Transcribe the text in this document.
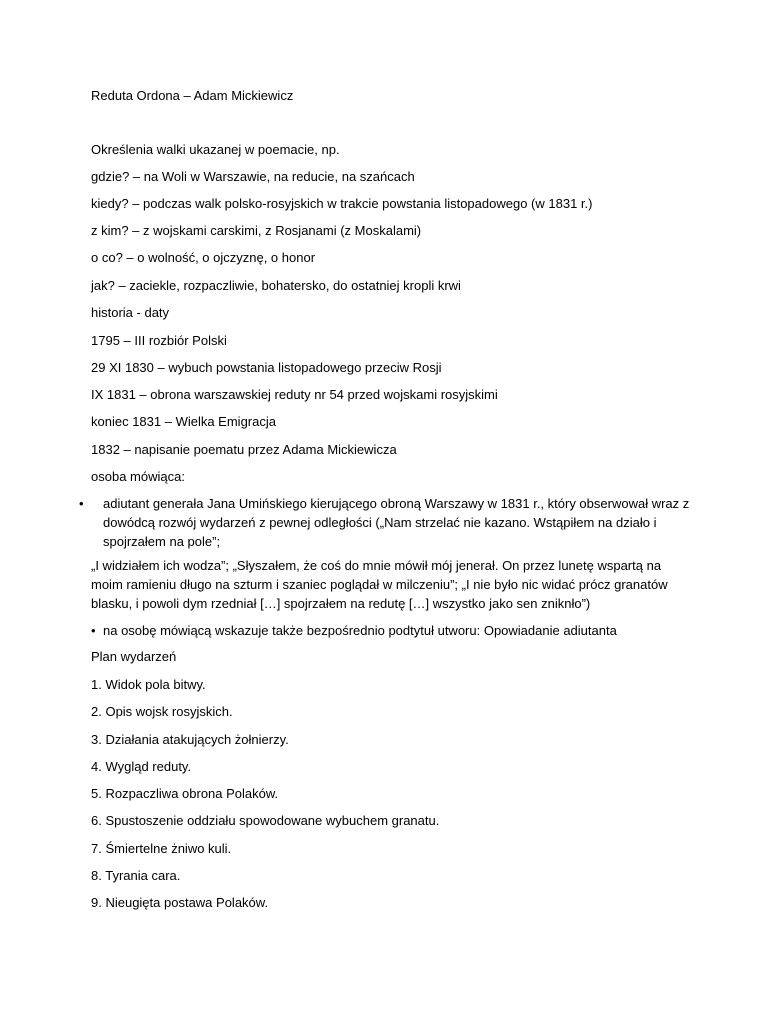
Reduta Ordona – Adam Mickiewicz
Określenia walki ukazanej w poemacie, np.
gdzie? – na Woli w Warszawie, na reducie, na szańcach
kiedy? – podczas walk polsko-rosyjskich w trakcie powstania listopadowego (w 1831 r.)
z kim? – z wojskami carskimi, z Rosjanami (z Moskalami)
o co? – o wolność, o ojczyznę, o honor
jak? – zaciekle, rozpaczliwie, bohatersko, do ostatniej kropli krwi
historia - daty
1795 – III rozbiór Polski
29 XI 1830 – wybuch powstania listopadowego przeciw Rosji
IX 1831 – obrona warszawskiej reduty nr 54 przed wojskami rosyjskimi
koniec 1831 – Wielka Emigracja
1832 – napisanie poematu przez Adama Mickiewicza
osoba mówiąca:
• adiutant generała Jana Umińskiego kierującego obroną Warszawy w 1831 r., który obserwował wraz z dowódcą rozwój wydarzeń z pewnej odległości („Nam strzelać nie kazano. Wstąpiłem na działo i spojrzałem na pole”;
„I widziałem ich wodza”; „Słyszałem, że coś do mnie mówił mój jenerał. On przez lunetę wspartą na moim ramieniu długo na szturm i szaniec poglądał w milczeniu”; „I nie było nic widać prócz granatów blasku, i powoli dym rzedniał […] spojrzałem na redutę […] wszystko jako sen zniknło”)
• na osobę mówiącą wskazuje także bezpośrednio podtytuł utworu: Opowiadanie adiutanta
Plan wydarzeń
1. Widok pola bitwy.
2. Opis wojsk rosyjskich.
3. Działania atakujących żołnierzy.
4. Wygląd reduty.
5. Rozpaczliwa obrona Polaków.
6. Spustoszenie oddziału spowodowane wybuchem granatu.
7. Śmiertelne żniwo kuli.
8. Tyrania cara.
9. Nieugięta postawa Polaków.
